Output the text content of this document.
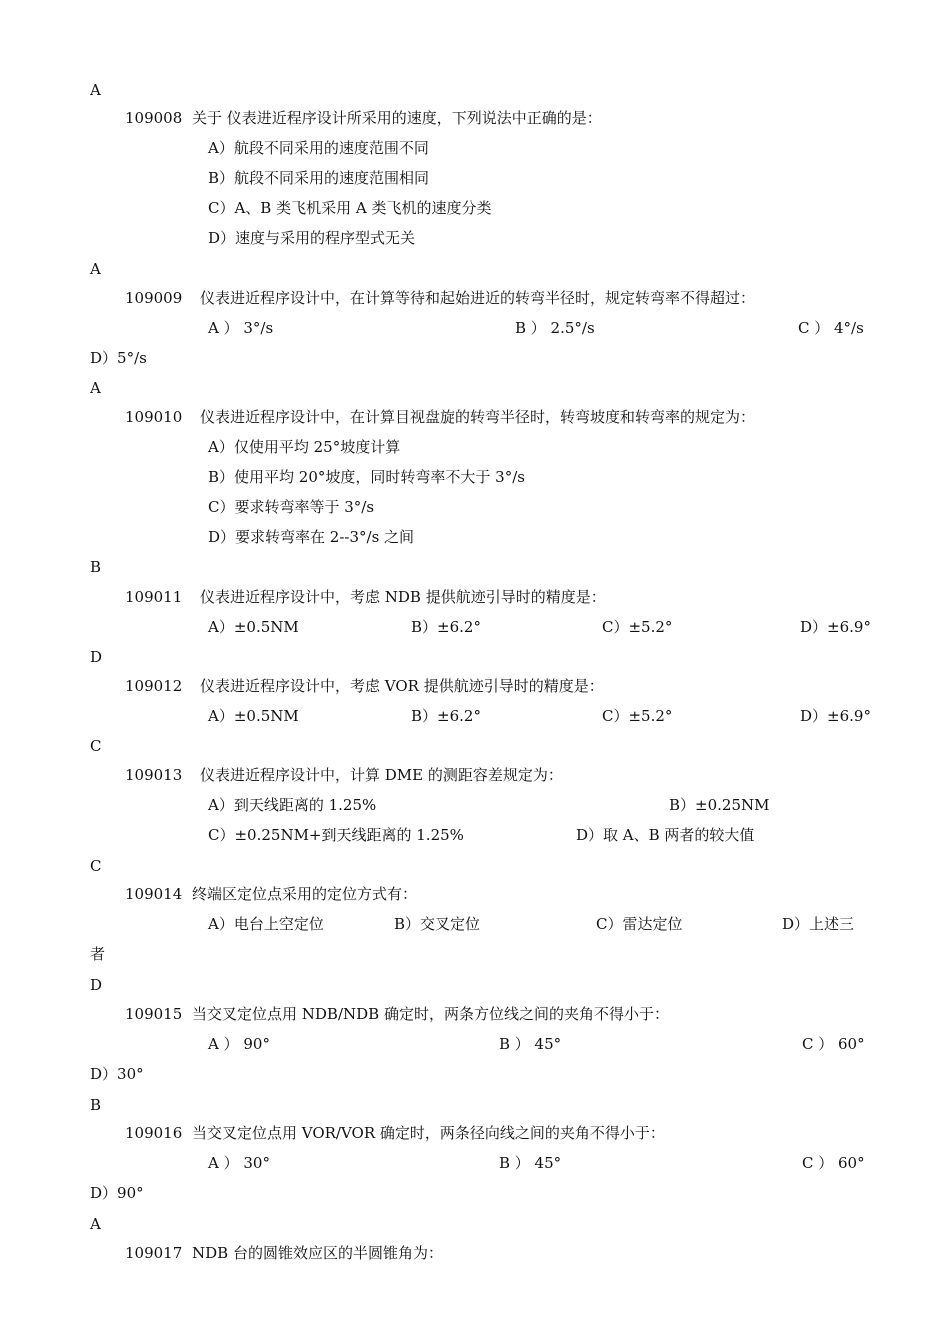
A
109008 关于 仪表进近程序设计所采用的速度，下列说法中正确的是：
A）航段不同采用的速度范围不同
B）航段不同采用的速度范围相同
C）A、B 类飞机采用 A 类飞机的速度分类
D）速度与采用的程序型式无关
A
109009 仪表进近程序设计中，在计算等待和起始进近的转弯半径时，规定转弯率不得超过：
A ） 3°/s	B ） 2.5°/s	C ） 4°/s
D）5°/s
A
109010 仪表进近程序设计中，在计算目视盘旋的转弯半径时，转弯坡度和转弯率的规定为：
A）仅使用平均 25°坡度计算
B）使用平均 20°坡度，同时转弯率不大于 3°/s
C）要求转弯率等于 3°/s
D）要求转弯率在 2--3°/s 之间
B
109011 仪表进近程序设计中，考虑 NDB 提供航迹引导时的精度是：
A）±0.5NM	B）±6.2°	C）±5.2°	D）±6.9°
D
109012 仪表进近程序设计中，考虑 VOR 提供航迹引导时的精度是：
A）±0.5NM	B）±6.2°	C）±5.2°	D）±6.9°
C
109013 仪表进近程序设计中，计算 DME 的测距容差规定为：
A）到天线距离的 1.25%	B）±0.25NM
C）±0.25NM+到天线距离的 1.25%	D）取 A、B 两者的较大值
C
109014 终端区定位点采用的定位方式有：
A）电台上空定位	B）交叉定位	C）雷达定位	D）上述三
者
D
109015 当交叉定位点用 NDB/NDB 确定时，两条方位线之间的夹角不得小于：
A ） 90°	B ） 45°	C ） 60°
D）30°
B
109016 当交叉定位点用 VOR/VOR 确定时，两条径向线之间的夹角不得小于：
A ） 30°	B ） 45°	C ） 60°
D）90°
A
109017 NDB 台的圆锥效应区的半圆锥角为：
